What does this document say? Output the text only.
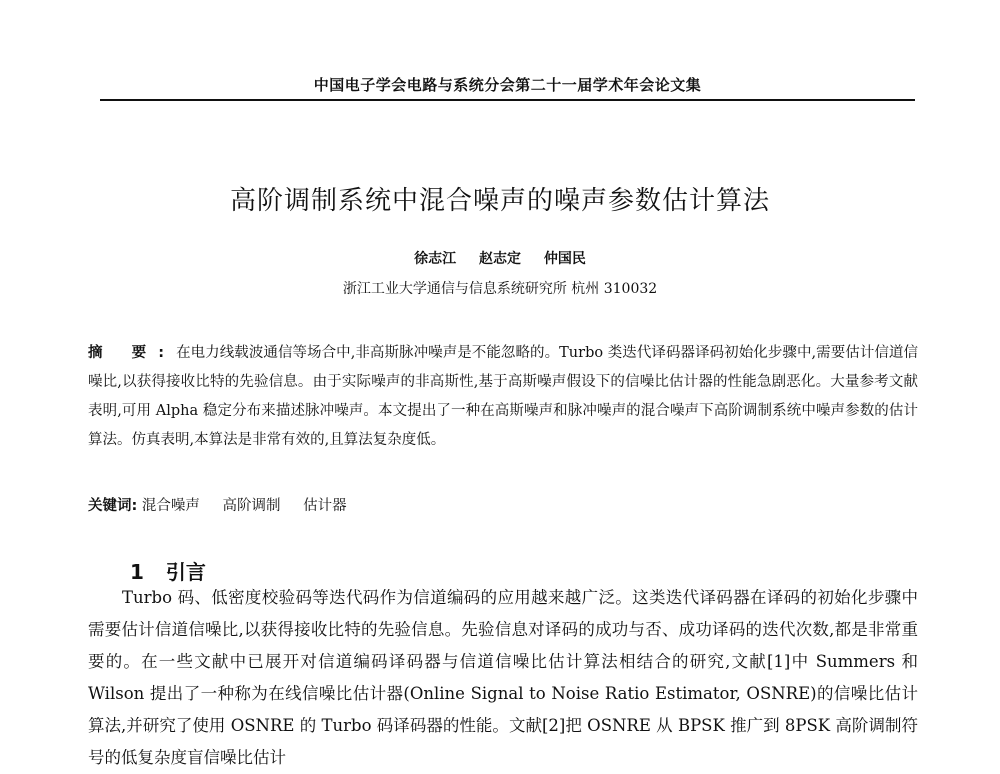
中国电子学会电路与系统分会第二十一届学术年会论文集
高阶调制系统中混合噪声的噪声参数估计算法
徐志江 赵志定 仲国民
浙江工业大学通信与信息系统研究所 杭州 310032
摘 要:在电力线载波通信等场合中,非高斯脉冲噪声是不能忽略的。Turbo 类迭代译码器译码初始化步骤中,需要估计信道信噪比,以获得接收比特的先验信息。由于实际噪声的非高斯性,基于高斯噪声假设下的信噪比估计器的性能急剧恶化。大量参考文献表明,可用 Alpha 稳定分布来描述脉冲噪声。本文提出了一种在高斯噪声和脉冲噪声的混合噪声下高阶调制系统中噪声参数的估计算法。仿真表明,本算法是非常有效的,且算法复杂度低。
关键词: 混合噪声 高阶调制 估计器
1 引言
Turbo 码、低密度校验码等迭代码作为信道编码的应用越来越广泛。这类迭代译码器在译码的初始化步骤中需要估计信道信噪比,以获得接收比特的先验信息。先验信息对译码的成功与否、成功译码的迭代次数,都是非常重要的。在一些文献中已展开对信道编码译码器与信道信噪比估计算法相结合的研究,文献[1]中 Summers 和 Wilson 提出了一种称为在线信噪比估计器(Online Signal to Noise Ratio Estimator, OSNRE)的信噪比估计算法,并研究了使用 OSNRE 的 Turbo 码译码器的性能。文献[2]把 OSNRE 从 BPSK 推广到 8PSK 高阶调制符号的低复杂度盲信噪比估计
